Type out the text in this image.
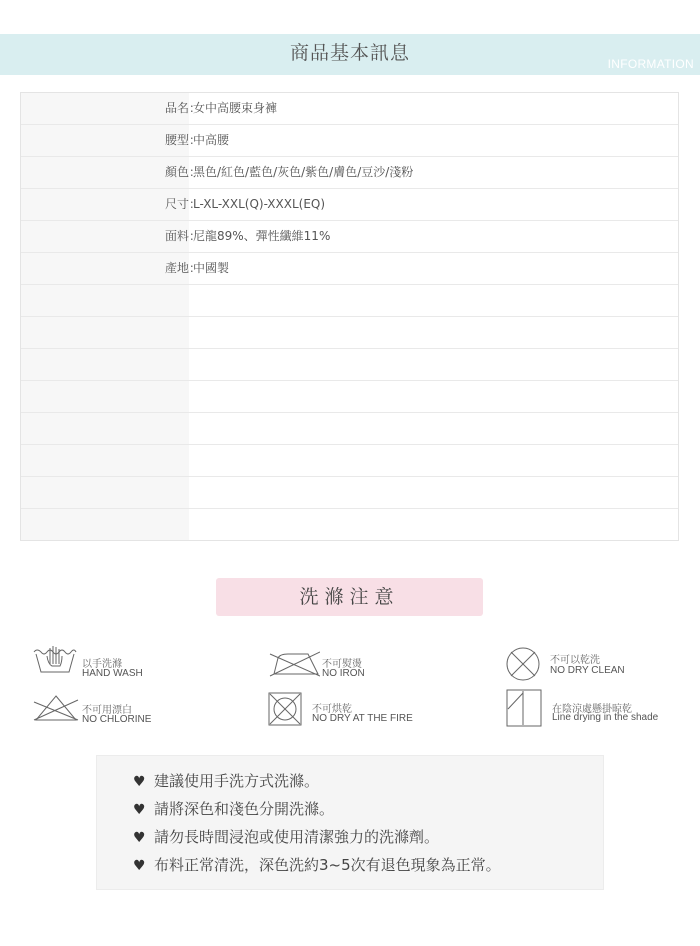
商品基本訊息	INFORMATION
品名：
女中高腰束身褲
腰型：
中高腰
顏色：
黑色/紅色/藍色/灰色/紫色/膚色/豆沙/淺粉
尺寸：
L-XL-XXL(Q)-XXXL(EQ)
面料：
尼龍89%、彈性纖維11%
產地：
中國製
洗滌注意
以手洗滌
HAND WASH
不可熨燙
NO IRON
不可以乾洗
NO DRY CLEAN
不可用漂白
NO CHLORINE
不可烘乾
NO DRY AT THE FIRE
在陰涼處懸掛晾乾
Line drying in the shade
♥ 建議使用手洗方式洗滌。
♥ 請將深色和淺色分開洗滌。
♥ 請勿長時間浸泡或使用清潔強力的洗滌劑。
♥ 布料正常清洗，深色洗約3~5次有退色現象為正常。
